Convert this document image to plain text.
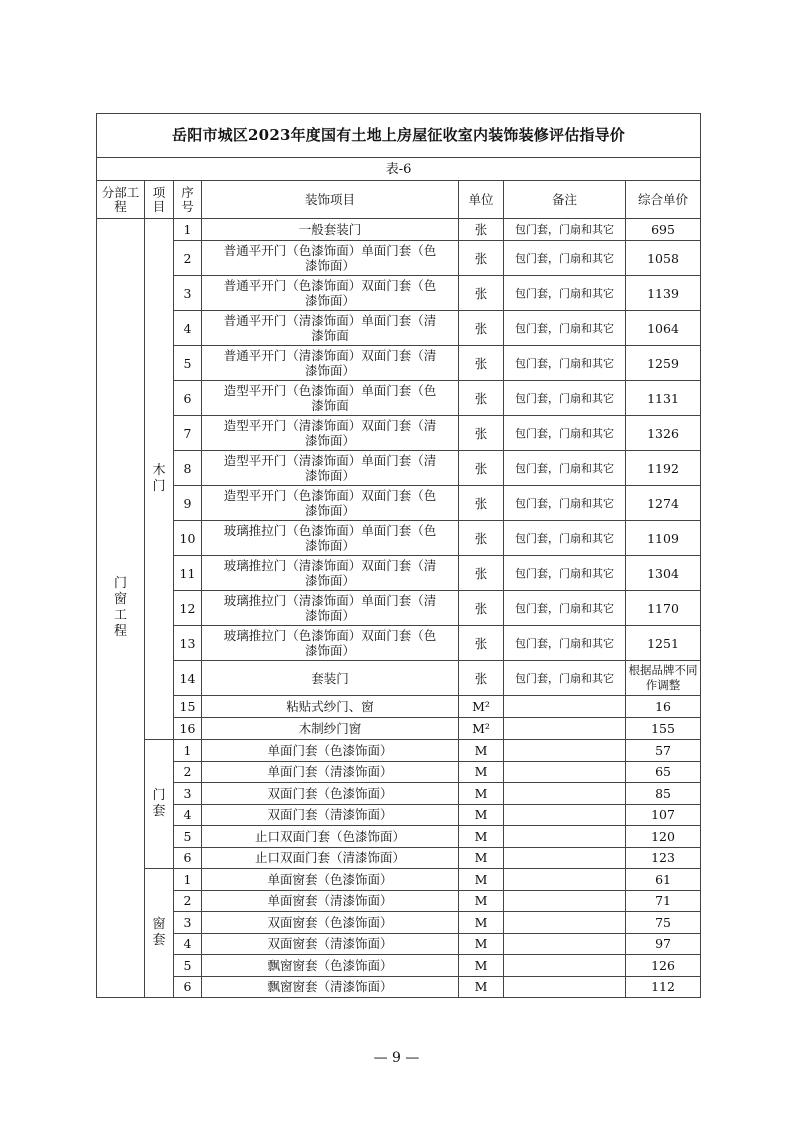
岳阳市城区2023年度国有土地上房屋征收室内装饰装修评估指导价						
表-6						
分部工程	项目	序号	装饰项目	单位	备注	综合单价
门窗工程	木门	1	一般套装门	张	包门套，门扇和其它	695
		2	普通平开门（色漆饰面）单面门套（色漆饰面）	张	包门套，门扇和其它	1058
		3	普通平开门（色漆饰面）双面门套（色漆饰面）	张	包门套，门扇和其它	1139
		4	普通平开门（清漆饰面）单面门套（清漆饰面	张	包门套，门扇和其它	1064
		5	普通平开门（清漆饰面）双面门套（清漆饰面）	张	包门套，门扇和其它	1259
		6	造型平开门（色漆饰面）单面门套（色漆饰面	张	包门套，门扇和其它	1131
		7	造型平开门（清漆饰面）双面门套（清漆饰面）	张	包门套，门扇和其它	1326
		8	造型平开门（清漆饰面）单面门套（清漆饰面）	张	包门套，门扇和其它	1192
		9	造型平开门（色漆饰面）双面门套（色漆饰面）	张	包门套，门扇和其它	1274
		10	玻璃推拉门（色漆饰面）单面门套（色漆饰面）	张	包门套，门扇和其它	1109
		11	玻璃推拉门（清漆饰面）双面门套（清漆饰面）	张	包门套，门扇和其它	1304
		12	玻璃推拉门（清漆饰面）单面门套（清漆饰面）	张	包门套，门扇和其它	1170
		13	玻璃推拉门（色漆饰面）双面门套（色漆饰面）	张	包门套，门扇和其它	1251
		14	套装门	张	包门套，门扇和其它	根据品牌不同作调整
		15	粘贴式纱门、窗	M²		16
		16	木制纱门窗	M²		155
	门套	1	单面门套（色漆饰面）	M		57
		2	单面门套（清漆饰面）	M		65
		3	双面门套（色漆饰面）	M		85
		4	双面门套（清漆饰面）	M		107
		5	止口双面门套（色漆饰面）	M		120
		6	止口双面门套（清漆饰面）	M		123
	窗套	1	单面窗套（色漆饰面）	M		61
		2	单面窗套（清漆饰面）	M		71
		3	双面窗套（色漆饰面）	M		75
		4	双面窗套（清漆饰面）	M		97
		5	飘窗窗套（色漆饰面）	M		126
		6	飘窗窗套（清漆饰面）	M		112
— 9 —
